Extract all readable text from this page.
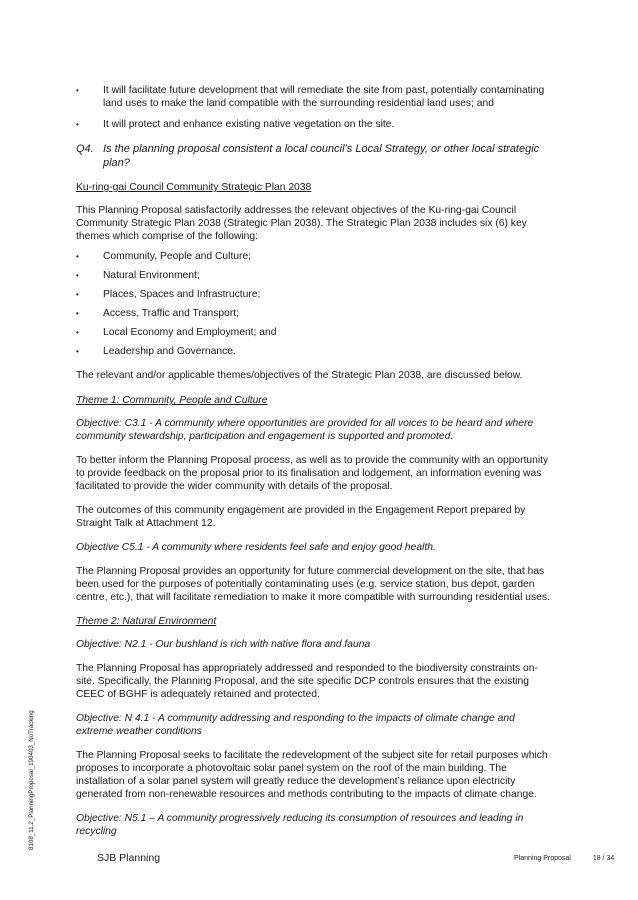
• It will facilitate future development that will remediate the site from past, potentially contaminating land uses to make the land compatible with the surrounding residential land uses; and

• It will protect and enhance existing native vegetation on the site.

Q4. Is the planning proposal consistent a local council’s Local Strategy, or other local strategic plan?

Ku-ring-gai Council Community Strategic Plan 2038

This Planning Proposal satisfactorily addresses the relevant objectives of the Ku-ring-gai Council Community Strategic Plan 2038 (Strategic Plan 2038). The Strategic Plan 2038 includes six (6) key themes which comprise of the following:

• Community, People and Culture;
• Natural Environment;
• Places, Spaces and Infrastructure;
• Access, Traffic and Transport;
• Local Economy and Employment; and
• Leadership and Governance.

The relevant and/or applicable themes/objectives of the Strategic Plan 2038, are discussed below.

Theme 1: Community, People and Culture

Objective: C3.1 - A community where opportunities are provided for all voices to be heard and where community stewardship, participation and engagement is supported and promoted.

To better inform the Planning Proposal process, as well as to provide the community with an opportunity to provide feedback on the proposal prior to its finalisation and lodgement, an information evening was facilitated to provide the wider community with details of the proposal.

The outcomes of this community engagement are provided in the Engagement Report prepared by Straight Talk at Attachment 12.

Objective C5.1 - A community where residents feel safe and enjoy good health.

The Planning Proposal provides an opportunity for future commercial development on the site, that has been used for the purposes of potentially contaminating uses (e.g. service station, bus depot, garden centre, etc.), that will facilitate remediation to make it more compatible with surrounding residential uses.

Theme 2: Natural Environment

Objective: N2.1 - Our bushland is rich with native flora and fauna

The Planning Proposal has appropriately addressed and responded to the biodiversity constraints on-site. Specifically, the Planning Proposal, and the site specific DCP controls ensures that the existing CEEC of BGHF is adequately retained and protected.

Objective: N 4.1 - A community addressing and responding to the impacts of climate change and extreme weather conditions

The Planning Proposal seeks to facilitate the redevelopment of the subject site for retail purposes which proposes to incorporate a photovoltaic solar panel system on the roof of the main building. The installation of a solar panel system will greatly reduce the development’s reliance upon electricity generated from non-renewable resources and methods contributing to the impacts of climate change.

Objective: N5.1 – A community progressively reducing its consumption of resources and leading in recycling

8108_11.2_PlanningProposal_190403_NoTracking
SJB Planning	Planning Proposal	18 / 34
